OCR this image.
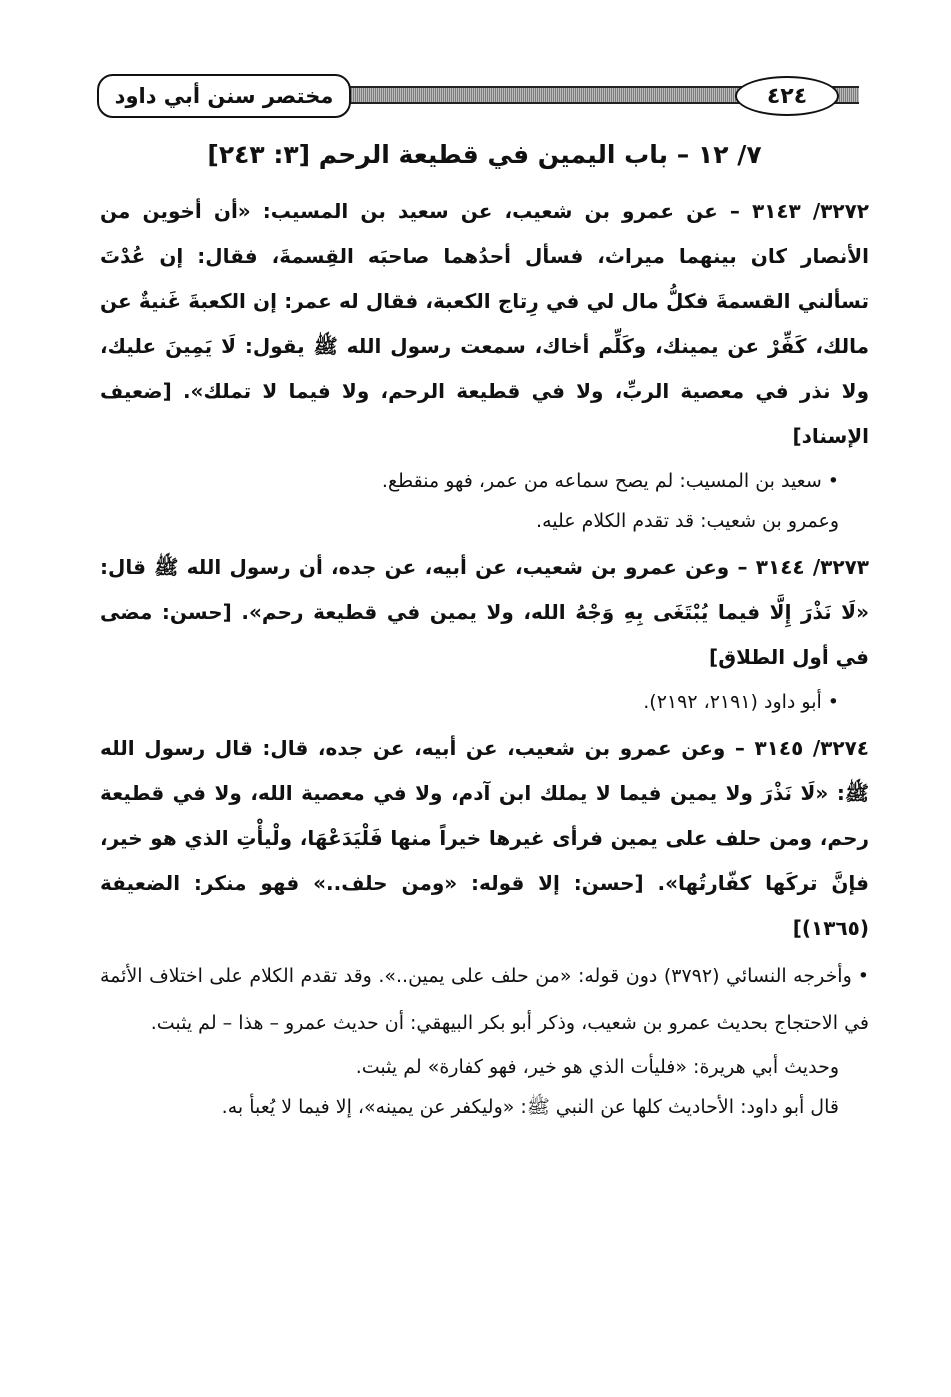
مختصر سنن أبي داود	٤٢٤
٧/ ١٢ – باب اليمين في قطيعة الرحم [٣: ٢٤٣]

٣٢٧٢/ ٣١٤٣ – عن عمرو بن شعيب، عن سعيد بن المسيب: «أن أخوين من الأنصار كان بينهما ميراث، فسأل أحدُهما صاحبَه القِسمةَ، فقال: إن عُدْتَ تسألني القسمةَ فكلُّ مال لي في رِتاج الكعبة، فقال له عمر: إن الكعبةَ غَنيةٌ عن مالك، كَفِّرْ عن يمينك، وكَلِّم أخاك، سمعت رسول الله ﷺ يقول: لَا يَمِينَ عليك، ولا نذر في معصية الربِّ، ولا في قطيعة الرحم، ولا فيما لا تملك». [ضعيف الإسناد]

•سعيد بن المسيب: لم يصح سماعه من عمر، فهو منقطع.

وعمرو بن شعيب: قد تقدم الكلام عليه.

٣٢٧٣/ ٣١٤٤ – وعن عمرو بن شعيب، عن أبيه، عن جده، أن رسول الله ﷺ قال: «لَا نَذْرَ إِلَّا فيما يُبْتَغَى بِهِ وَجْهُ الله، ولا يمين في قطيعة رحم». [حسن: مضى في أول الطلاق]

•أبو داود (٢١٩١، ٢١٩٢).

٣٢٧٤/ ٣١٤٥ – وعن عمرو بن شعيب، عن أبيه، عن جده، قال: قال رسول الله ﷺ: «لَا نَذْرَ ولا يمين فيما لا يملك ابن آدم، ولا في معصية الله، ولا في قطيعة رحم، ومن حلف على يمين فرأى غيرها خيراً منها فَلْيَدَعْهَا، ولْيأْتِ الذي هو خير، فإنَّ تركَها كفّارتُها». [حسن: إلا قوله: «ومن حلف..» فهو منكر: الضعيفة (١٣٦٥)]

•وأخرجه النسائي (٣٧٩٢) دون قوله: «من حلف على يمين..». وقد تقدم الكلام على اختلاف الأئمة في الاحتجاج بحديث عمرو بن شعيب، وذكر أبو بكر البيهقي: أن حديث عمرو – هذا – لم يثبت.

وحديث أبي هريرة: «فليأت الذي هو خير، فهو كفارة» لم يثبت.

قال أبو داود: الأحاديث كلها عن النبي ﷺ: «وليكفر عن يمينه»، إلا فيما لا يُعبأ به.
